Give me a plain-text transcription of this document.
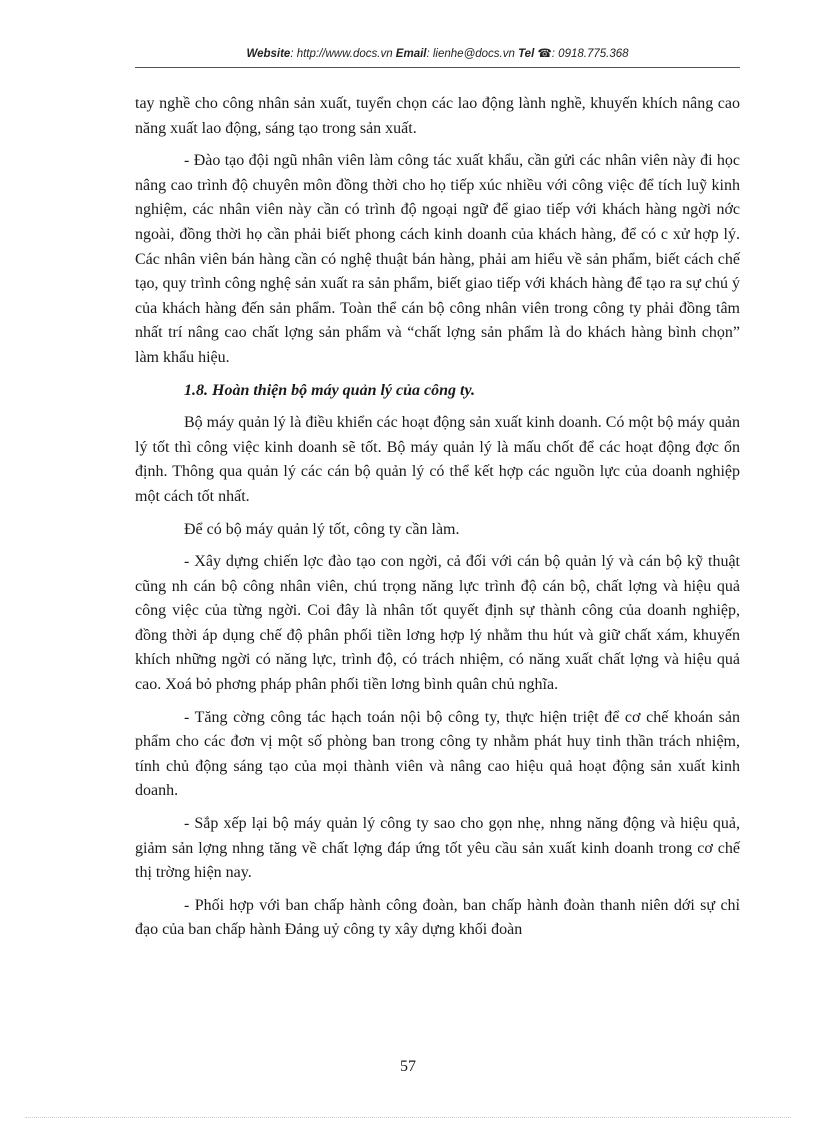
Website: http://www.docs.vn Email: lienhe@docs.vn Tel ☎: 0918.775.368

tay nghề cho công nhân sản xuất, tuyển chọn các lao động lành nghề, khuyến khích nâng cao năng xuất lao động, sáng tạo trong sản xuất.

- Đào tạo đội ngũ nhân viên làm công tác xuất khẩu, cần gửi các nhân viên này đi học nâng cao trình độ chuyên môn đồng thời cho họ tiếp xúc nhiều với công việc để tích luỹ kinh nghiệm, các nhân viên này cần có trình độ ngoại ngữ để giao tiếp với khách hàng ngời nớc ngoài, đồng thời họ cần phải biết phong cách kinh doanh của khách hàng, để có c xử hợp lý. Các nhân viên bán hàng cần có nghệ thuật bán hàng, phải am hiểu về sản phẩm, biết cách chế tạo, quy trình công nghệ sản xuất ra sản phẩm, biết giao tiếp với khách hàng để tạo ra sự chú ý của khách hàng đến sản phẩm. Toàn thể cán bộ công nhân viên trong công ty phải đồng tâm nhất trí nâng cao chất lợng sản phẩm và “chất lợng sản phẩm là do khách hàng bình chọn” làm khẩu hiệu.

1.8. Hoàn thiện bộ máy quản lý của công ty.

Bộ máy quản lý là điều khiển các hoạt động sản xuất kinh doanh. Có một bộ máy quản lý tốt thì công việc kinh doanh sẽ tốt. Bộ máy quản lý là mấu chốt để các hoạt động đợc ổn định. Thông qua quản lý các cán bộ quản lý có thể kết hợp các nguồn lực của doanh nghiệp một cách tốt nhất.

Để có bộ máy quản lý tốt, công ty cần làm.

- Xây dựng chiến lợc đào tạo con ngời, cả đối với cán bộ quản lý và cán bộ kỹ thuật cũng nh cán bộ công nhân viên, chú trọng năng lực trình độ cán bộ, chất lợng và hiệu quả công việc của từng ngời. Coi đây là nhân tốt quyết định sự thành công của doanh nghiệp, đồng thời áp dụng chế độ phân phối tiền lơng hợp lý nhằm thu hút và giữ chất xám, khuyến khích những ngời có năng lực, trình độ, có trách nhiệm, có năng xuất chất lợng và hiệu quả cao. Xoá bỏ phơng pháp phân phối tiền lơng bình quân chủ nghĩa.

- Tăng cờng công tác hạch toán nội bộ công ty, thực hiện triệt để cơ chế khoán sản phẩm cho các đơn vị một số phòng ban trong công ty nhằm phát huy tinh thần trách nhiệm, tính chủ động sáng tạo của mọi thành viên và nâng cao hiệu quả hoạt động sản xuất kinh doanh.

- Sắp xếp lại bộ máy quản lý công ty sao cho gọn nhẹ, nhng năng động và hiệu quả, giảm sản lợng nhng tăng về chất lợng đáp ứng tốt yêu cầu sản xuất kinh doanh trong cơ chế thị trờng hiện nay.

- Phối hợp với ban chấp hành công đoàn, ban chấp hành đoàn thanh niên dới sự chỉ đạo của ban chấp hành Đảng uỷ công ty xây dựng khối đoàn

57
